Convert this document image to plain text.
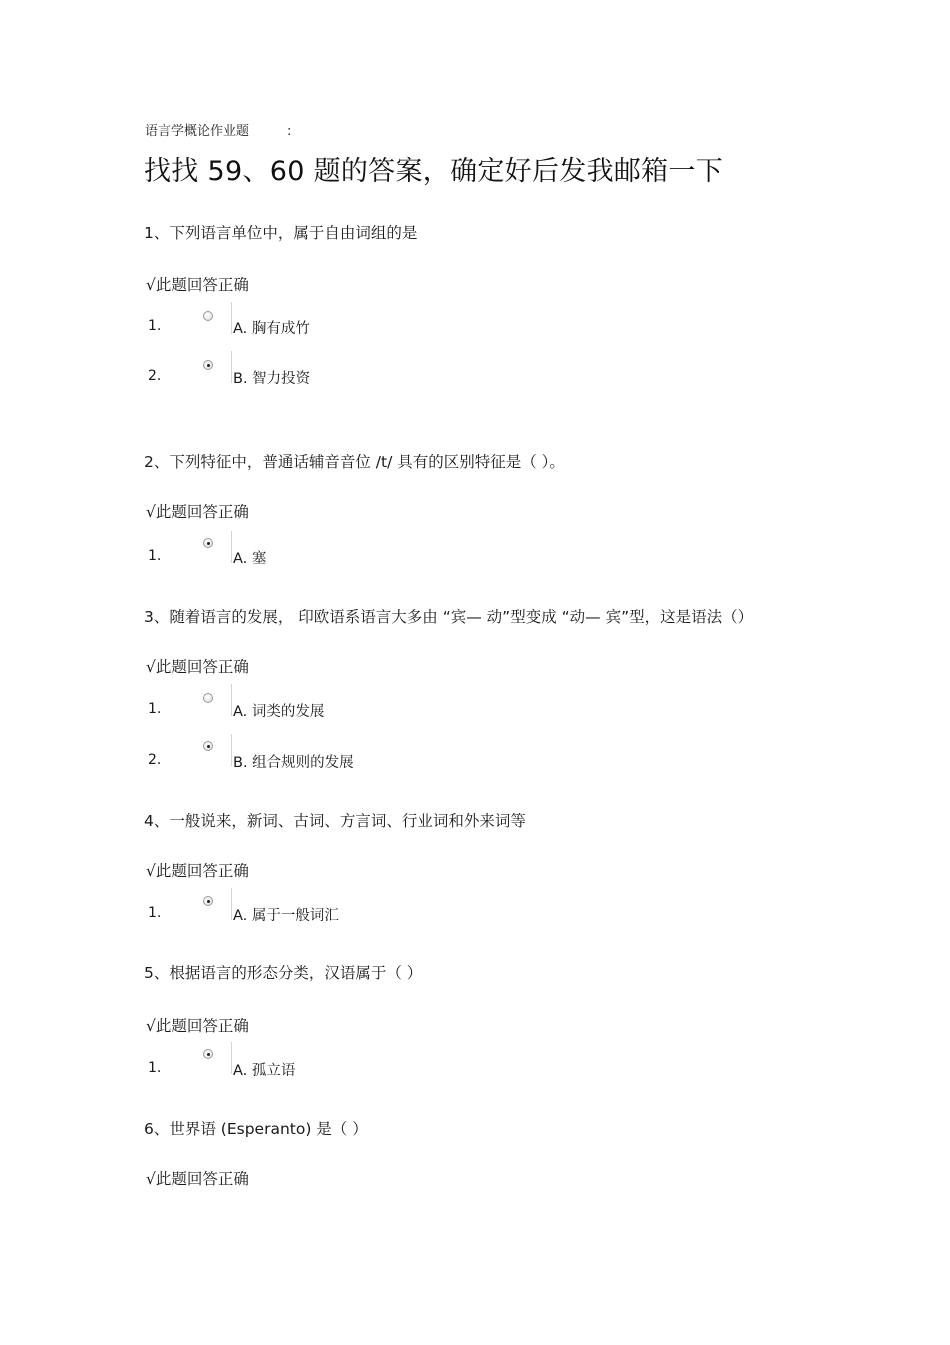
语言学概论作业题	:
找找 59、60 题的答案，确定好后发我邮箱一下
1、下列语言单位中，属于自由词组的是
√此题回答正确
1.	A. 胸有成竹
2.	B. 智力投资
2、下列特征中，普通话辅音音位 /t/ 具有的区别特征是（ ）。
√此题回答正确
1.	A. 塞
3、随着语言的发展， 印欧语系语言大多由 “宾— 动”型变成 “动— 宾”型，这是语法（）
√此题回答正确
1.	A. 词类的发展
2.	B. 组合规则的发展
4、一般说来，新词、古词、方言词、行业词和外来词等
√此题回答正确
1.	A. 属于一般词汇
5、根据语言的形态分类，汉语属于（ ）
√此题回答正确
1.	A. 孤立语
6、世界语 (Esperanto) 是（ ）
√此题回答正确
